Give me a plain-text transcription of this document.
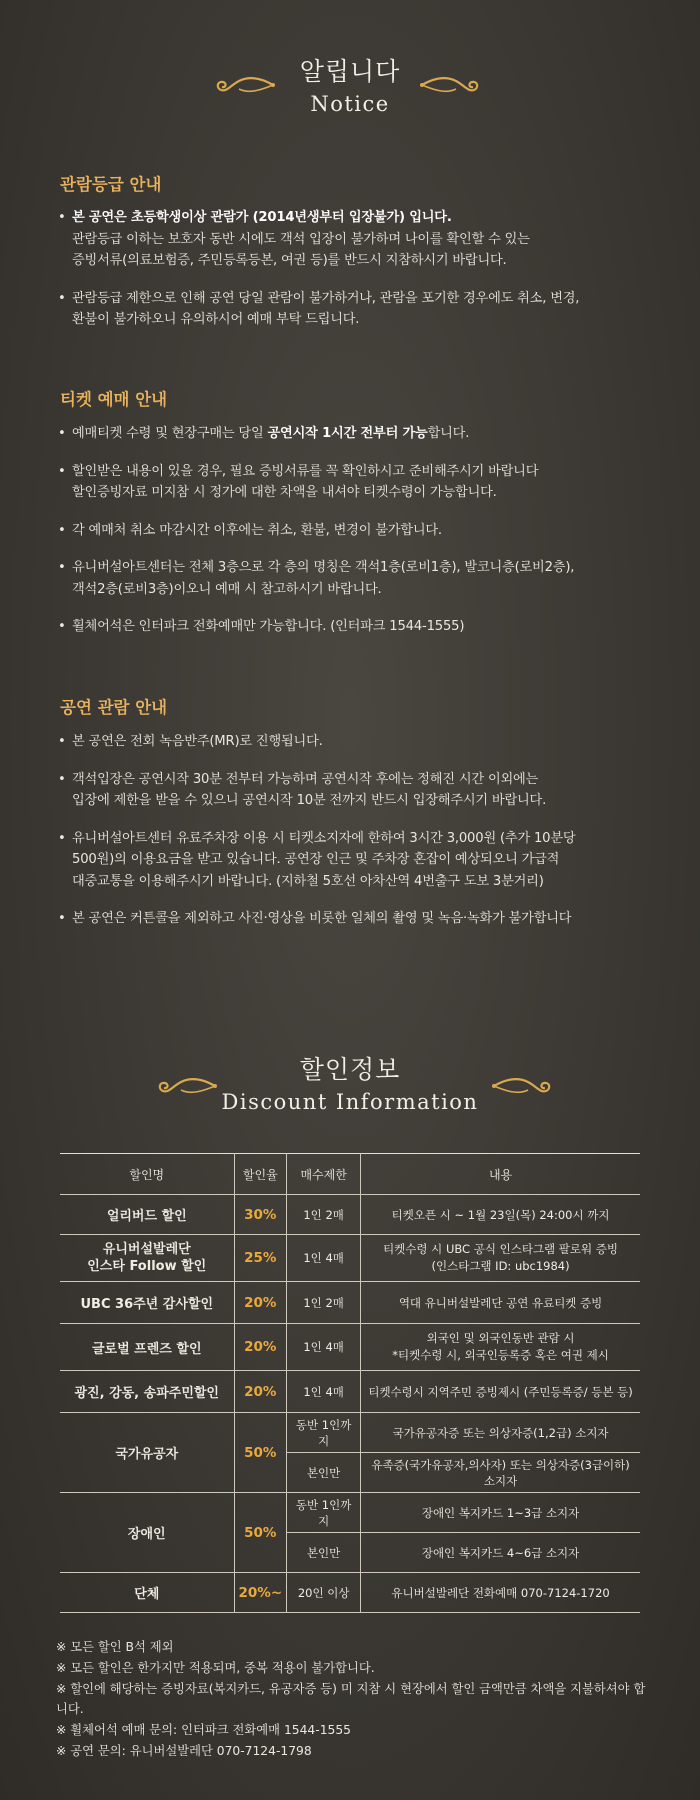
알립니다
Notice
관람등급 안내
• 본 공연은 초등학생이상 관람가 (2014년생부터 입장불가) 입니다.
관람등급 이하는 보호자 동반 시에도 객석 입장이 불가하며 나이를 확인할 수 있는
증빙서류(의료보험증, 주민등록등본, 여권 등)를 반드시 지참하시기 바랍니다.
• 관람등급 제한으로 인해 공연 당일 관람이 불가하거나, 관람을 포기한 경우에도 취소, 변경,
환불이 불가하오니 유의하시어 예매 부탁 드립니다.
티켓 예매 안내
• 예매티켓 수령 및 현장구매는 당일 공연시작 1시간 전부터 가능합니다.
• 할인받은 내용이 있을 경우, 필요 증빙서류를 꼭 확인하시고 준비해주시기 바랍니다
할인증빙자료 미지참 시 정가에 대한 차액을 내셔야 티켓수령이 가능합니다.
• 각 예매처 취소 마감시간 이후에는 취소, 환불, 변경이 불가합니다.
• 유니버설아트센터는 전체 3층으로 각 층의 명칭은 객석1층(로비1층), 발코니층(로비2층),
객석2층(로비3층)이오니 예매 시 참고하시기 바랍니다.
• 휠체어석은 인터파크 전화예매만 가능합니다. (인터파크 1544-1555)
공연 관람 안내
• 본 공연은 전회 녹음반주(MR)로 진행됩니다.
• 객석입장은 공연시작 30분 전부터 가능하며 공연시작 후에는 정해진 시간 이외에는
입장에 제한을 받을 수 있으니 공연시작 10분 전까지 반드시 입장해주시기 바랍니다.
• 유니버설아트센터 유료주차장 이용 시 티켓소지자에 한하여 3시간 3,000원 (추가 10분당
500원)의 이용요금을 받고 있습니다. 공연장 인근 및 주차장 혼잡이 예상되오니 가급적
대중교통을 이용해주시기 바랍니다. (지하철 5호선 아차산역 4번출구 도보 3분거리)
• 본 공연은 커튼콜을 제외하고 사진·영상을 비롯한 일체의 촬영 및 녹음·녹화가 불가합니다
할인정보
Discount Information
할인명	할인율	매수제한	내용
얼리버드 할인	30%	1인 2매	티켓오픈 시 ~ 1월 23일(목) 24:00시 까지
유니버설발레단
인스타 Follow 할인	25%	1인 4매	티켓수령 시 UBC 공식 인스타그램 팔로워 증빙
(인스타그램 ID: ubc1984)
UBC 36주년 감사할인	20%	1인 2매	역대 유니버설발레단 공연 유료티켓 증빙
글로벌 프렌즈 할인	20%	1인 4매	외국인 및 외국인동반 관람 시
*티켓수령 시, 외국인등록증 혹은 여권 제시
광진, 강동, 송파주민할인	20%	1인 4매	티켓수령시 지역주민 증빙제시 (주민등록증/ 등본 등)
국가유공자	50%	동반 1인까지	국가유공자증 또는 의상자증(1,2급) 소지자
		본인만	유족증(국가유공자,의사자) 또는 의상자증(3급이하) 소지자
장애인	50%	동반 1인까지	장애인 복지카드 1~3급 소지자
		본인만	장애인 복지카드 4~6급 소지자
단체	20%~	20인 이상	유니버설발레단 전화예매 070-7124-1720
※ 모든 할인 B석 제외
※ 모든 할인은 한가지만 적용되며, 중복 적용이 불가합니다.
※ 할인에 해당하는 증빙자료(복지카드, 유공자증 등) 미 지참 시 현장에서 할인 금액만큼 차액을 지불하셔야 합니다.
※ 휠체어석 예매 문의: 인터파크 전화예매 1544-1555
※ 공연 문의: 유니버설발레단 070-7124-1798
